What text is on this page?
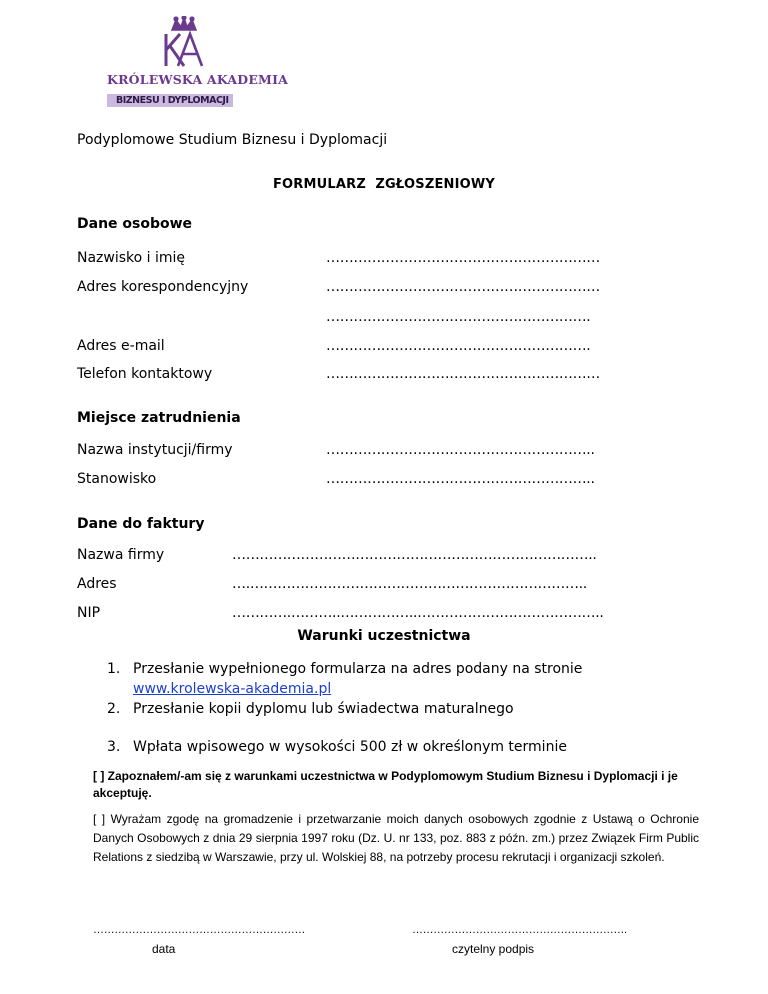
KRÓLEWSKA AKADEMIA
BIZNESU I DYPLOMACJI
Podyplomowe Studium Biznesu i Dyplomacji
FORMULARZ  ZGŁOSZENIOWY
Dane osobowe
Nazwisko i imię	……………………………………………………
Adres korespondencyjny	……………………………………………………
………………………………………………….
Adres e-mail	………………………………………………….
Telefon kontaktowy	……………………………………………………
Miejsce zatrudnienia
Nazwa instytucji/firmy	…………………………………………………..
Stanowisko	…………………………………………………..
Dane do faktury
Nazwa firmy	……………………………………………………………………..
Adres	….………………………………………………………………..
NIP	………….………..……………..…………………………………..
Warunki uczestnictwa
1. Przesłanie wypełnionego formularza na adres podany na stronie
www.krolewska-akademia.pl
2. Przesłanie kopii dyplomu lub świadectwa maturalnego
3. Wpłata wpisowego w wysokości 500 zł w określonym terminie
[ ] Zapoznałem/-am się z warunkami uczestnictwa w Podyplomowym Studium Biznesu i Dyplomacji i je akceptuję.
[ ] Wyrażam zgodę na gromadzenie i przetwarzanie moich danych osobowych zgodnie z Ustawą o Ochronie Danych Osobowych z dnia 29 sierpnia 1997 roku (Dz. U. nr 133, poz. 883 z późn. zm.) przez Związek Firm Public Relations z siedzibą w Warszawie, przy ul. Wolskiej 88, na potrzeby procesu rekrutacji i organizacji szkoleń.
……………………………………………………
data
…………………………………………………….
czytelny podpis
